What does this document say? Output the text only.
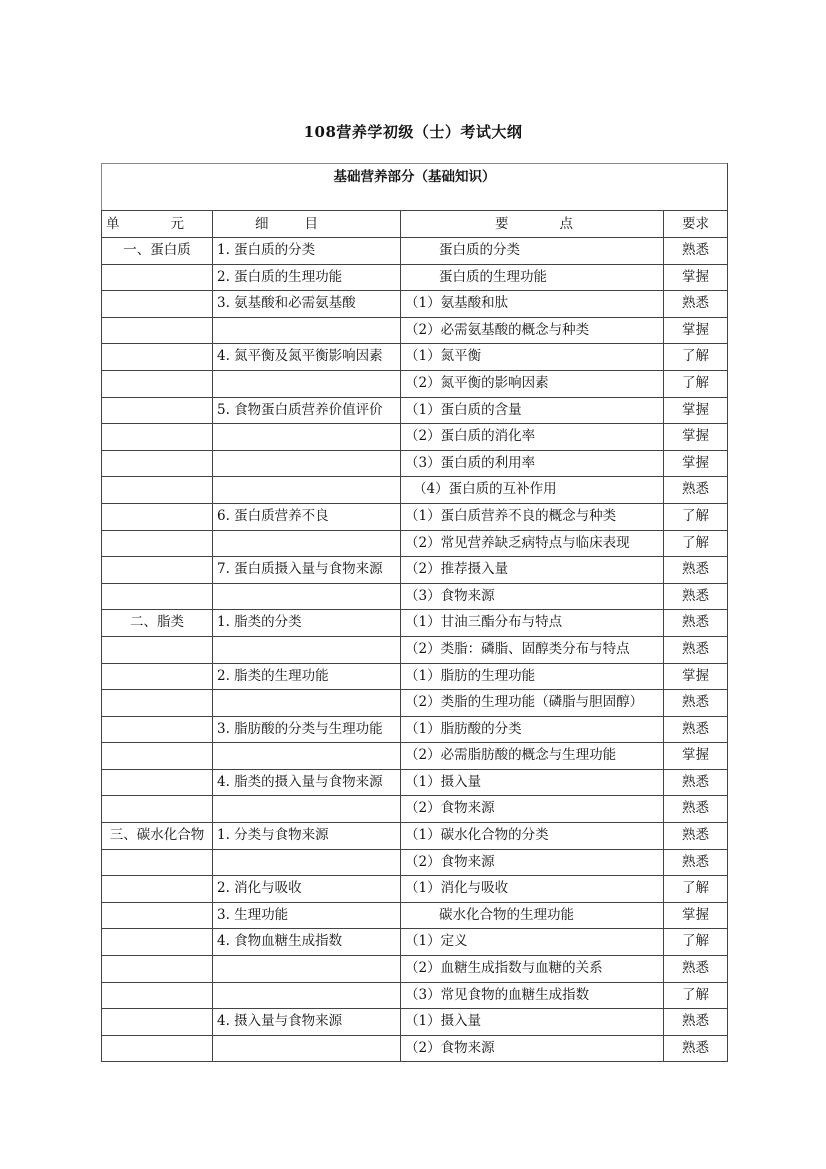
108营养学初级（士）考试大纲
基础营养部分（基础知识）			

单 元	细 目	要 点	要求
一、蛋白质	1. 蛋白质的分类	蛋白质的分类	熟悉
	2. 蛋白质的生理功能	蛋白质的生理功能	掌握
	3. 氨基酸和必需氨基酸	（1）氨基酸和肽	熟悉
		（2）必需氨基酸的概念与种类	掌握
	4. 氮平衡及氮平衡影响因素	（1）氮平衡	了解
		（2）氮平衡的影响因素	了解
	5. 食物蛋白质营养价值评价	（1）蛋白质的含量	掌握
		（2）蛋白质的消化率	掌握
		（3）蛋白质的利用率	掌握
		（4）蛋白质的互补作用	熟悉
	6. 蛋白质营养不良	（1）蛋白质营养不良的概念与种类	了解
		（2）常见营养缺乏病特点与临床表现	了解
	7. 蛋白质摄入量与食物来源	（2）推荐摄入量	熟悉
		（3）食物来源	熟悉
二、脂类	1. 脂类的分类	（1）甘油三酯分布与特点	熟悉
		（2）类脂：磷脂、固醇类分布与特点	熟悉
	2. 脂类的生理功能	（1）脂肪的生理功能	掌握
		（2）类脂的生理功能（磷脂与胆固醇）	熟悉
	3. 脂肪酸的分类与生理功能	（1）脂肪酸的分类	熟悉
		（2）必需脂肪酸的概念与生理功能	掌握
	4. 脂类的摄入量与食物来源	（1）摄入量	熟悉
		（2）食物来源	熟悉
三、碳水化合物	1. 分类与食物来源	（1）碳水化合物的分类	熟悉
		（2）食物来源	熟悉
	2. 消化与吸收	（1）消化与吸收	了解
	3. 生理功能	碳水化合物的生理功能	掌握
	4. 食物血糖生成指数	（1）定义	了解
		（2）血糖生成指数与血糖的关系	熟悉
		（3）常见食物的血糖生成指数	了解
	4. 摄入量与食物来源	（1）摄入量	熟悉
		（2）食物来源	熟悉
